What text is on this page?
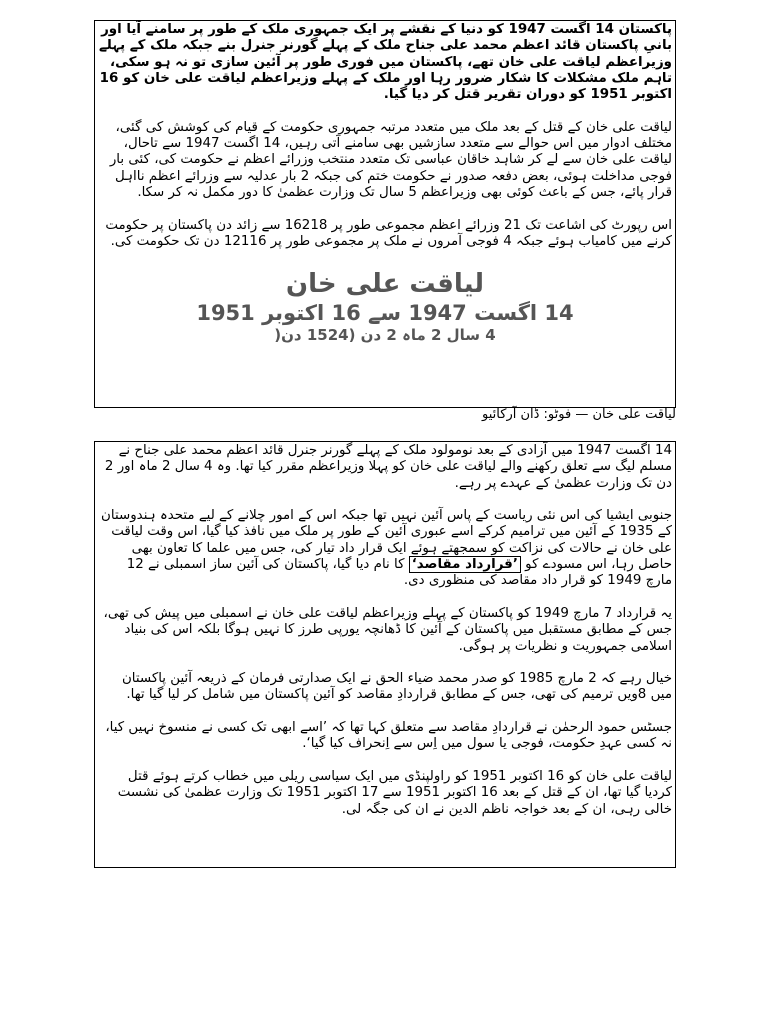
پاکستان 14 اگست 1947 کو دنیا کے نقشے پر ایک جمہوری ملک کے طور پر سامنے آیا اور بانیِ پاکستان قائد اعظم محمد علی جناح ملک کے پہلے گورنر جنرل بنے جبکہ ملک کے پہلے وزیراعظم لیاقت علی خان تھے، پاکستان میں فوری طور پر آئین سازی تو نہ ہو سکی، تاہم ملک مشکلات کا شکار ضرور رہا اور ملک کے پہلے وزیراعظم لیاقت علی خان کو 16 اکتوبر 1951 کو دوران تقریر قتل کر دیا گیا.

لیاقت علی خان کے قتل کے بعد ملک میں متعدد مرتبہ جمہوری حکومت کے قیام کی کوشش کی گئی، مختلف ادوار میں اس حوالے سے متعدد سازشیں بھی سامنے آتی رہیں، 14 اگست 1947 سے تاحال، لیاقت علی خان سے لے کر شاہد خاقان عباسی تک متعدد منتخب وزرائے اعظم نے حکومت کی، کئی بار فوجی مداخلت ہوئی، بعض دفعہ صدور نے حکومت ختم کی جبکہ 2 بار عدلیہ سے وزرائے اعظم نااہل قرار پائے، جس کے باعث کوئی بھی وزیراعظم 5 سال تک وزارت عظمیٰ کا دور مکمل نہ کر سکا.

اس رپورٹ کی اشاعت تک 21 وزرائے اعظم مجموعی طور پر 16218 سے زائد دن پاکستان پر حکومت کرنے میں کامیاب ہوئے جبکہ 4 فوجی آمروں نے ملک پر مجموعی طور پر 12116 دن تک حکومت کی.

لیاقت علی خان
14 اگست 1947 سے 16 اکتوبر 1951
4 سال 2 ماہ 2 دن (1524 دن(
لیاقت علی خان — فوٹو: ڈان آرکائیو

14 اگست 1947 میں آزادی کے بعد نومولود ملک کے پہلے گورنر جنرل قائد اعظم محمد علی جناح نے مسلم لیگ سے تعلق رکھنے والے لیاقت علی خان کو پہلا وزیراعظم مقرر کیا تھا. وہ 4 سال 2 ماہ اور 2 دن تک وزارت عظمیٰ کے عہدے پر رہے.

جنوبی ایشیا کی اس نئی ریاست کے پاس آئین نہیں تھا جبکہ اس کے امور چلانے کے لیے متحدہ ہندوستان کے 1935 کے آئین میں ترامیم کرکے اسے عبوری آئین کے طور پر ملک میں نافذ کیا گیا، اس وقت لیاقت علی خان نے حالات کی نزاکت کو سمجھتے ہوئے ایک قرار داد تیار کی، جس میں علما کا تعاون بھی حاصل رہا، اس مسودے کو ’قرارداد مقاصد‘ کا نام دیا گیا، پاکستان کی آئین ساز اسمبلی نے 12 مارچ 1949 کو قرار داد مقاصد کی منظوری دی.

یہ قرارداد 7 مارچ 1949 کو پاکستان کے پہلے وزیراعظم لیاقت علی خان نے اسمبلی میں پیش کی تھی، جس کے مطابق مستقبل میں پاکستان کے آئین کا ڈھانچہ یورپی طرز کا نہیں ہوگا بلکہ اس کی بنیاد اسلامی جمہوریت و نظریات پر ہوگی.

خیال رہے کہ 2 مارچ 1985 کو صدر محمد ضیاء الحق نے ایک صدارتی فرمان کے ذریعہ آئین پاکستان میں 8ویں ترمیم کی تھی، جس کے مطابق قراردادِ مقاصد کو آئین پاکستان میں شامل کر لیا گیا تھا.

جسٹس حمود الرحمٰن نے قراردادِ مقاصد سے متعلق کہا تھا کہ ’اسے ابھی تک کسی نے منسوخ نہیں کیا، نہ کسی عہدِ حکومت، فوجی یا سول میں اِس سے اِنحراف کیا گیا‘.

لیاقت علی خان کو 16 اکتوبر 1951 کو راولپنڈی میں ایک سیاسی ریلی میں خطاب کرتے ہوئے قتل کردیا گیا تھا، ان کے قتل کے بعد 16 اکتوبر 1951 سے 17 اکتوبر 1951 تک وزارت عظمیٰ کی نشست خالی رہی، ان کے بعد خواجہ ناظم الدین نے ان کی جگہ لی.
